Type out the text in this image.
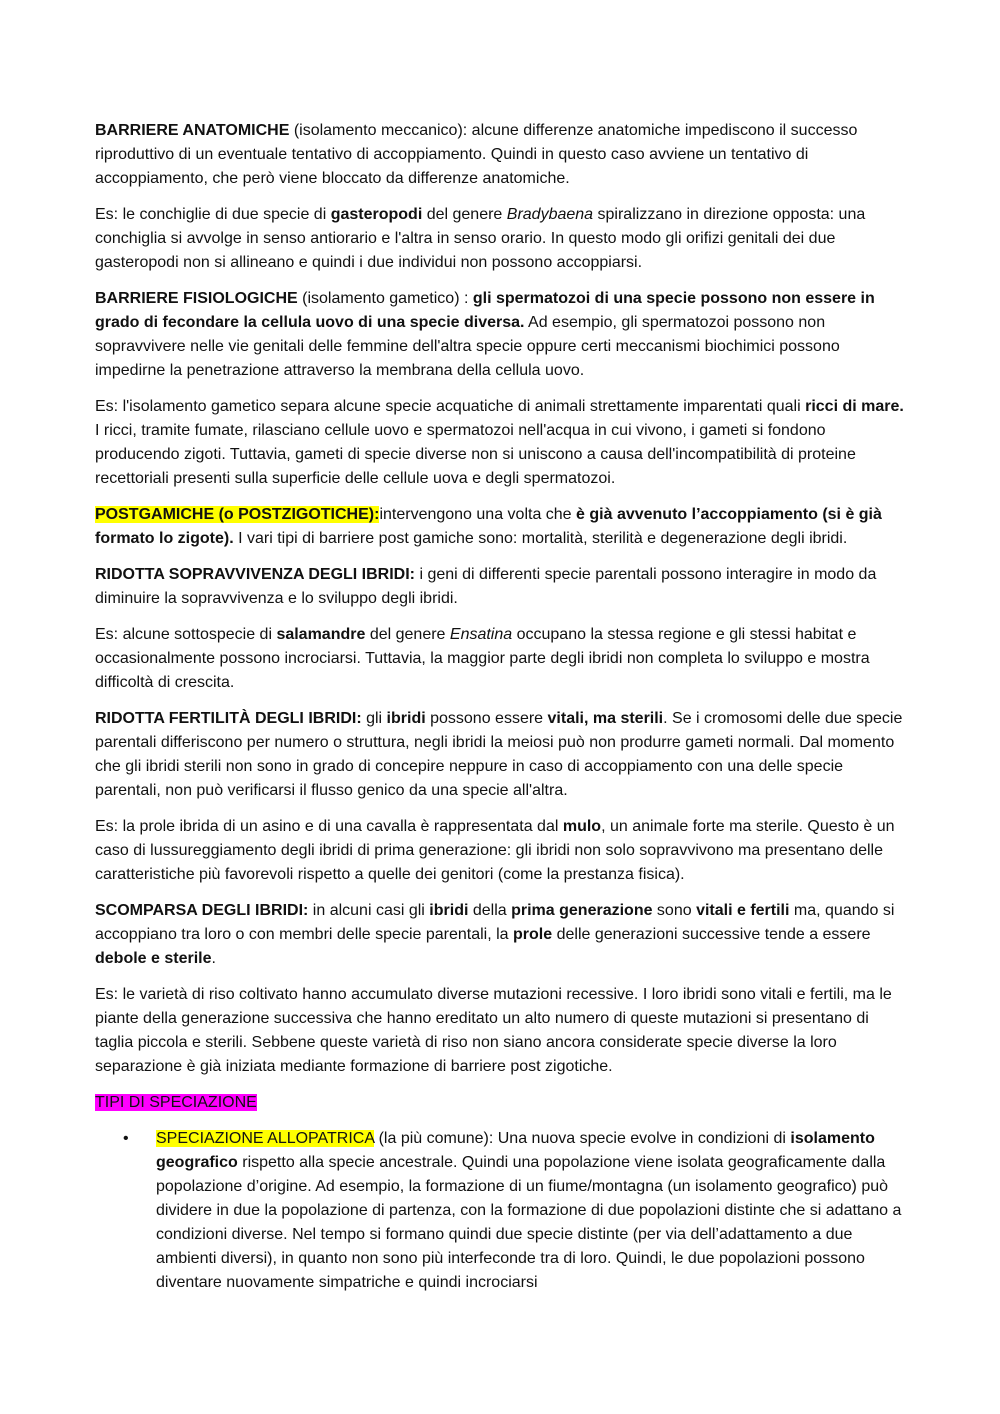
BARRIERE ANATOMICHE (isolamento meccanico): alcune differenze anatomiche impediscono il successo riproduttivo di un eventuale tentativo di accoppiamento. Quindi in questo caso avviene un tentativo di accoppiamento, che però viene bloccato da differenze anatomiche.

Es: le conchiglie di due specie di gasteropodi del genere Bradybaena spiralizzano in direzione opposta: una conchiglia si avvolge in senso antiorario e l'altra in senso orario. In questo modo gli orifizi genitali dei due gasteropodi non si allineano e quindi i due individui non possono accoppiarsi.

BARRIERE FISIOLOGICHE (isolamento gametico) : gli spermatozoi di una specie possono non essere in grado di fecondare la cellula uovo di una specie diversa. Ad esempio, gli spermatozoi possono non sopravvivere nelle vie genitali delle femmine dell'altra specie oppure certi meccanismi biochimici possono impedirne la penetrazione attraverso la membrana della cellula uovo.

Es: l'isolamento gametico separa alcune specie acquatiche di animali strettamente imparentati quali ricci di mare. I ricci, tramite fumate, rilasciano cellule uovo e spermatozoi nell'acqua in cui vivono, i gameti si fondono producendo zigoti. Tuttavia, gameti di specie diverse non si uniscono a causa dell'incompatibilità di proteine recettoriali presenti sulla superficie delle cellule uova e degli spermatozoi.

POSTGAMICHE (o POSTZIGOTICHE):intervengono una volta che è già avvenuto l’accoppiamento (si è già formato lo zigote). I vari tipi di barriere post gamiche sono: mortalità, sterilità e degenerazione degli ibridi.

RIDOTTA SOPRAVVIVENZA DEGLI IBRIDI: i geni di differenti specie parentali possono interagire in modo da diminuire la sopravvivenza e lo sviluppo degli ibridi.

Es: alcune sottospecie di salamandre del genere Ensatina occupano la stessa regione e gli stessi habitat e occasionalmente possono incrociarsi. Tuttavia, la maggior parte degli ibridi non completa lo sviluppo e mostra difficoltà di crescita.

RIDOTTA FERTILITÀ DEGLI IBRIDI: gli ibridi possono essere vitali, ma sterili. Se i cromosomi delle due specie parentali differiscono per numero o struttura, negli ibridi la meiosi può non produrre gameti normali. Dal momento che gli ibridi sterili non sono in grado di concepire neppure in caso di accoppiamento con una delle specie parentali, non può verificarsi il flusso genico da una specie all'altra.

Es: la prole ibrida di un asino e di una cavalla è rappresentata dal mulo, un animale forte ma sterile. Questo è un caso di lussureggiamento degli ibridi di prima generazione: gli ibridi non solo sopravvivono ma presentano delle caratteristiche più favorevoli rispetto a quelle dei genitori (come la prestanza fisica).

SCOMPARSA DEGLI IBRIDI: in alcuni casi gli ibridi della prima generazione sono vitali e fertili ma, quando si accoppiano tra loro o con membri delle specie parentali, la prole delle generazioni successive tende a essere debole e sterile.

Es: le varietà di riso coltivato hanno accumulato diverse mutazioni recessive. I loro ibridi sono vitali e fertili, ma le piante della generazione successiva che hanno ereditato un alto numero di queste mutazioni si presentano di taglia piccola e sterili. Sebbene queste varietà di riso non siano ancora considerate specie diverse la loro separazione è già iniziata mediante formazione di barriere post zigotiche.

TIPI DI SPECIAZIONE

• SPECIAZIONE ALLOPATRICA (la più comune): Una nuova specie evolve in condizioni di isolamento geografico rispetto alla specie ancestrale. Quindi una popolazione viene isolata geograficamente dalla popolazione d’origine. Ad esempio, la formazione di un fiume/montagna (un isolamento geografico) può dividere in due la popolazione di partenza, con la formazione di due popolazioni distinte che si adattano a condizioni diverse. Nel tempo si formano quindi due specie distinte (per via dell’adattamento a due ambienti diversi), in quanto non sono più interfeconde tra di loro. Quindi, le due popolazioni possono diventare nuovamente simpatriche e quindi incrociarsi
